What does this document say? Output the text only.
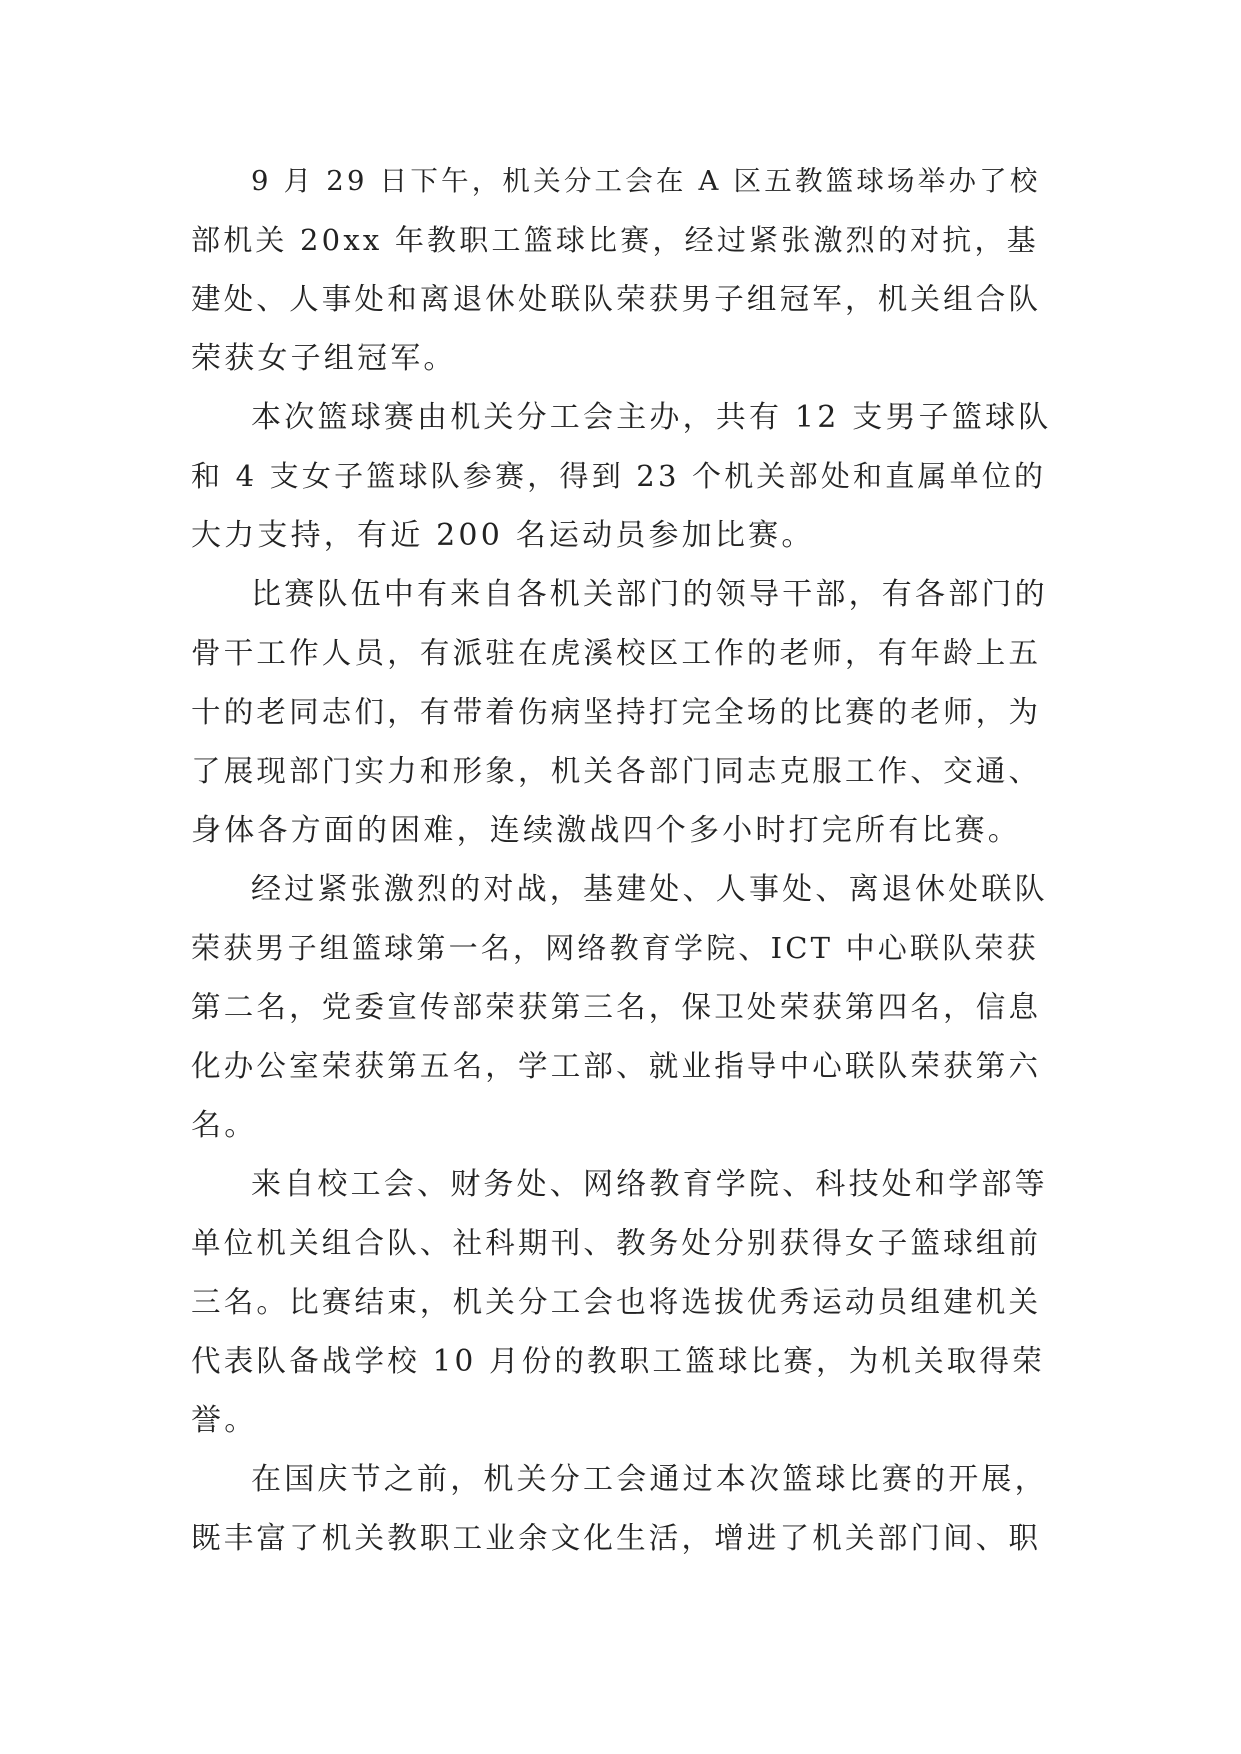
9 月 29 日下午，机关分工会在 A 区五教篮球场举办了校
部机关 20xx 年教职工篮球比赛，经过紧张激烈的对抗，基
建处、人事处和离退休处联队荣获男子组冠军，机关组合队
荣获女子组冠军。
本次篮球赛由机关分工会主办，共有 12 支男子篮球队
和 4 支女子篮球队参赛，得到 23 个机关部处和直属单位的
大力支持，有近 200 名运动员参加比赛。
比赛队伍中有来自各机关部门的领导干部，有各部门的
骨干工作人员，有派驻在虎溪校区工作的老师，有年龄上五
十的老同志们，有带着伤病坚持打完全场的比赛的老师，为
了展现部门实力和形象，机关各部门同志克服工作、交通、
身体各方面的困难，连续激战四个多小时打完所有比赛。
经过紧张激烈的对战，基建处、人事处、离退休处联队
荣获男子组篮球第一名，网络教育学院、ICT 中心联队荣获
第二名，党委宣传部荣获第三名，保卫处荣获第四名，信息
化办公室荣获第五名，学工部、就业指导中心联队荣获第六
名。
来自校工会、财务处、网络教育学院、科技处和学部等
单位机关组合队、社科期刊、教务处分别获得女子篮球组前
三名。比赛结束，机关分工会也将选拔优秀运动员组建机关
代表队备战学校 10 月份的教职工篮球比赛，为机关取得荣
誉。
在国庆节之前，机关分工会通过本次篮球比赛的开展，
既丰富了机关教职工业余文化生活，增进了机关部门间、职
